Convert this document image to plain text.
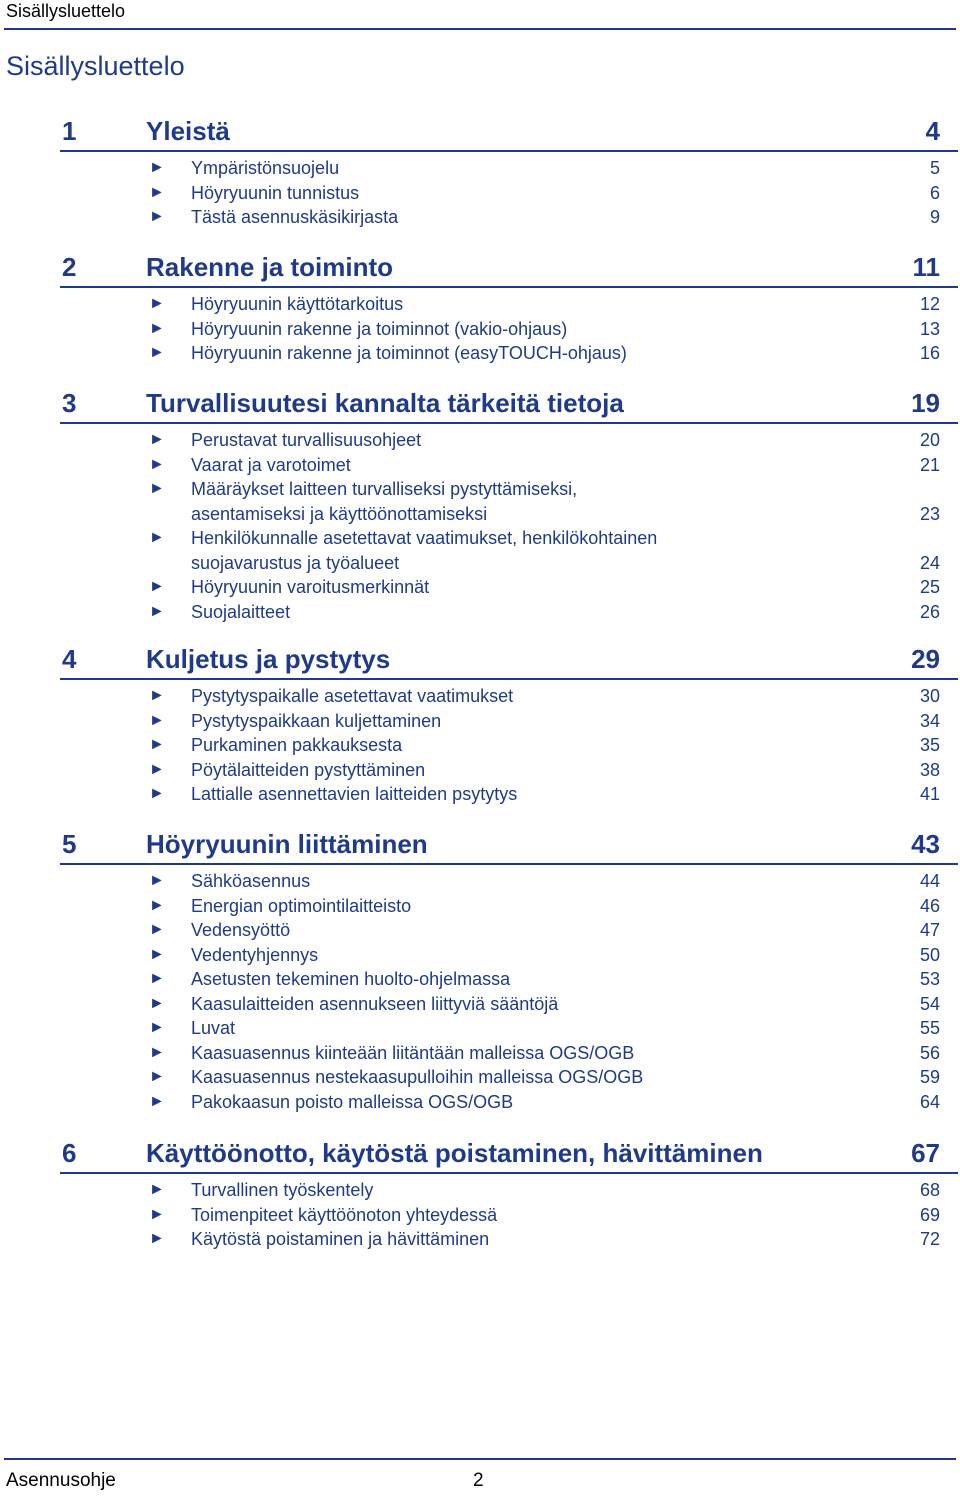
Sisällysluettelo
Sisällysluettelo
1	Yleistä	4
► Ympäristönsuojelu	5
► Höyryuunin tunnistus	6
► Tästä asennuskäsikirjasta	9
2	Rakenne ja toiminto	11
► Höyryuunin käyttötarkoitus	12
► Höyryuunin rakenne ja toiminnot (vakio-ohjaus)	13
► Höyryuunin rakenne ja toiminnot (easyTOUCH-ohjaus)	16
3	Turvallisuutesi kannalta tärkeitä tietoja	19
► Perustavat turvallisuusohjeet	20
► Vaarat ja varotoimet	21
► Määräykset laitteen turvalliseksi pystyttämiseksi,
asentamiseksi ja käyttöönottamiseksi	23
► Henkilökunnalle asetettavat vaatimukset, henkilökohtainen
suojavarustus ja työalueet	24
► Höyryuunin varoitusmerkinnät	25
► Suojalaitteet	26
4	Kuljetus ja pystytys	29
► Pystytyspaikalle asetettavat vaatimukset	30
► Pystytyspaikkaan kuljettaminen	34
► Purkaminen pakkauksesta	35
► Pöytälaitteiden pystyttäminen	38
► Lattialle asennettavien laitteiden psytytys	41
5	Höyryuunin liittäminen	43
► Sähköasennus	44
► Energian optimointilaitteisto	46
► Vedensyöttö	47
► Vedentyhjennys	50
► Asetusten tekeminen huolto-ohjelmassa	53
► Kaasulaitteiden asennukseen liittyviä sääntöjä	54
► Luvat	55
► Kaasuasennus kiinteään liitäntään malleissa OGS/OGB	56
► Kaasuasennus nestekaasupulloihin malleissa OGS/OGB	59
► Pakokaasun poisto malleissa OGS/OGB	64
6	Käyttöönotto, käytöstä poistaminen, hävittäminen	67
► Turvallinen työskentely	68
► Toimenpiteet käyttöönoton yhteydessä	69
► Käytöstä poistaminen ja hävittäminen	72
Asennusohje	2
